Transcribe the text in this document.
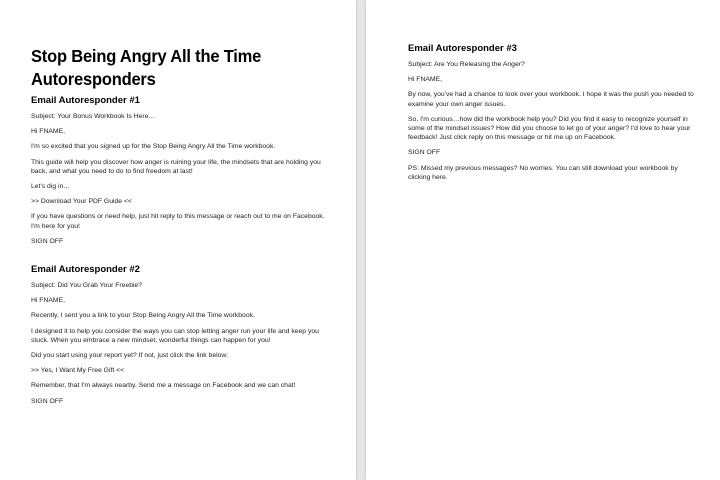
Stop Being Angry All the Time Autoresponders
Email Autoresponder #1

Subject: Your Bonus Workbook Is Here…

Hi FNAME,

I'm so excited that you signed up for the Stop Being Angry All the Time workbook.

This guide will help you discover how anger is ruining your life, the mindsets that are holding you back, and what you need to do to find freedom at last!

Let's dig in…

>> Download Your PDF Guide <<

If you have questions or need help, just hit reply to this message or reach out to me on Facebook. I'm here for you!

SIGN OFF

Email Autoresponder #2

Subject: Did You Grab Your Freebie?

Hi FNAME,

Recently, I sent you a link to your Stop Being Angry All the Time workbook.

I designed it to help you consider the ways you can stop letting anger run your life and keep you stuck. When you embrace a new mindset, wonderful things can happen for you!

Did you start using your report yet? If not, just click the link below:

>> Yes, I Want My Free Gift <<

Remember, that I'm always nearby. Send me a message on Facebook and we can chat!

SIGN OFF

Email Autoresponder #3

Subject: Are You Releasing the Anger?

Hi FNAME,

By now, you've had a chance to look over your workbook. I hope it was the push you needed to examine your own anger issues.

So, I'm curious…how did the workbook help you? Did you find it easy to recognize yourself in some of the mindset issues? How did you choose to let go of your anger? I'd love to hear your feedback! Just click reply on this message or hit me up on Facebook.

SIGN OFF

PS: Missed my previous messages? No worries. You can still download your workbook by clicking here.
